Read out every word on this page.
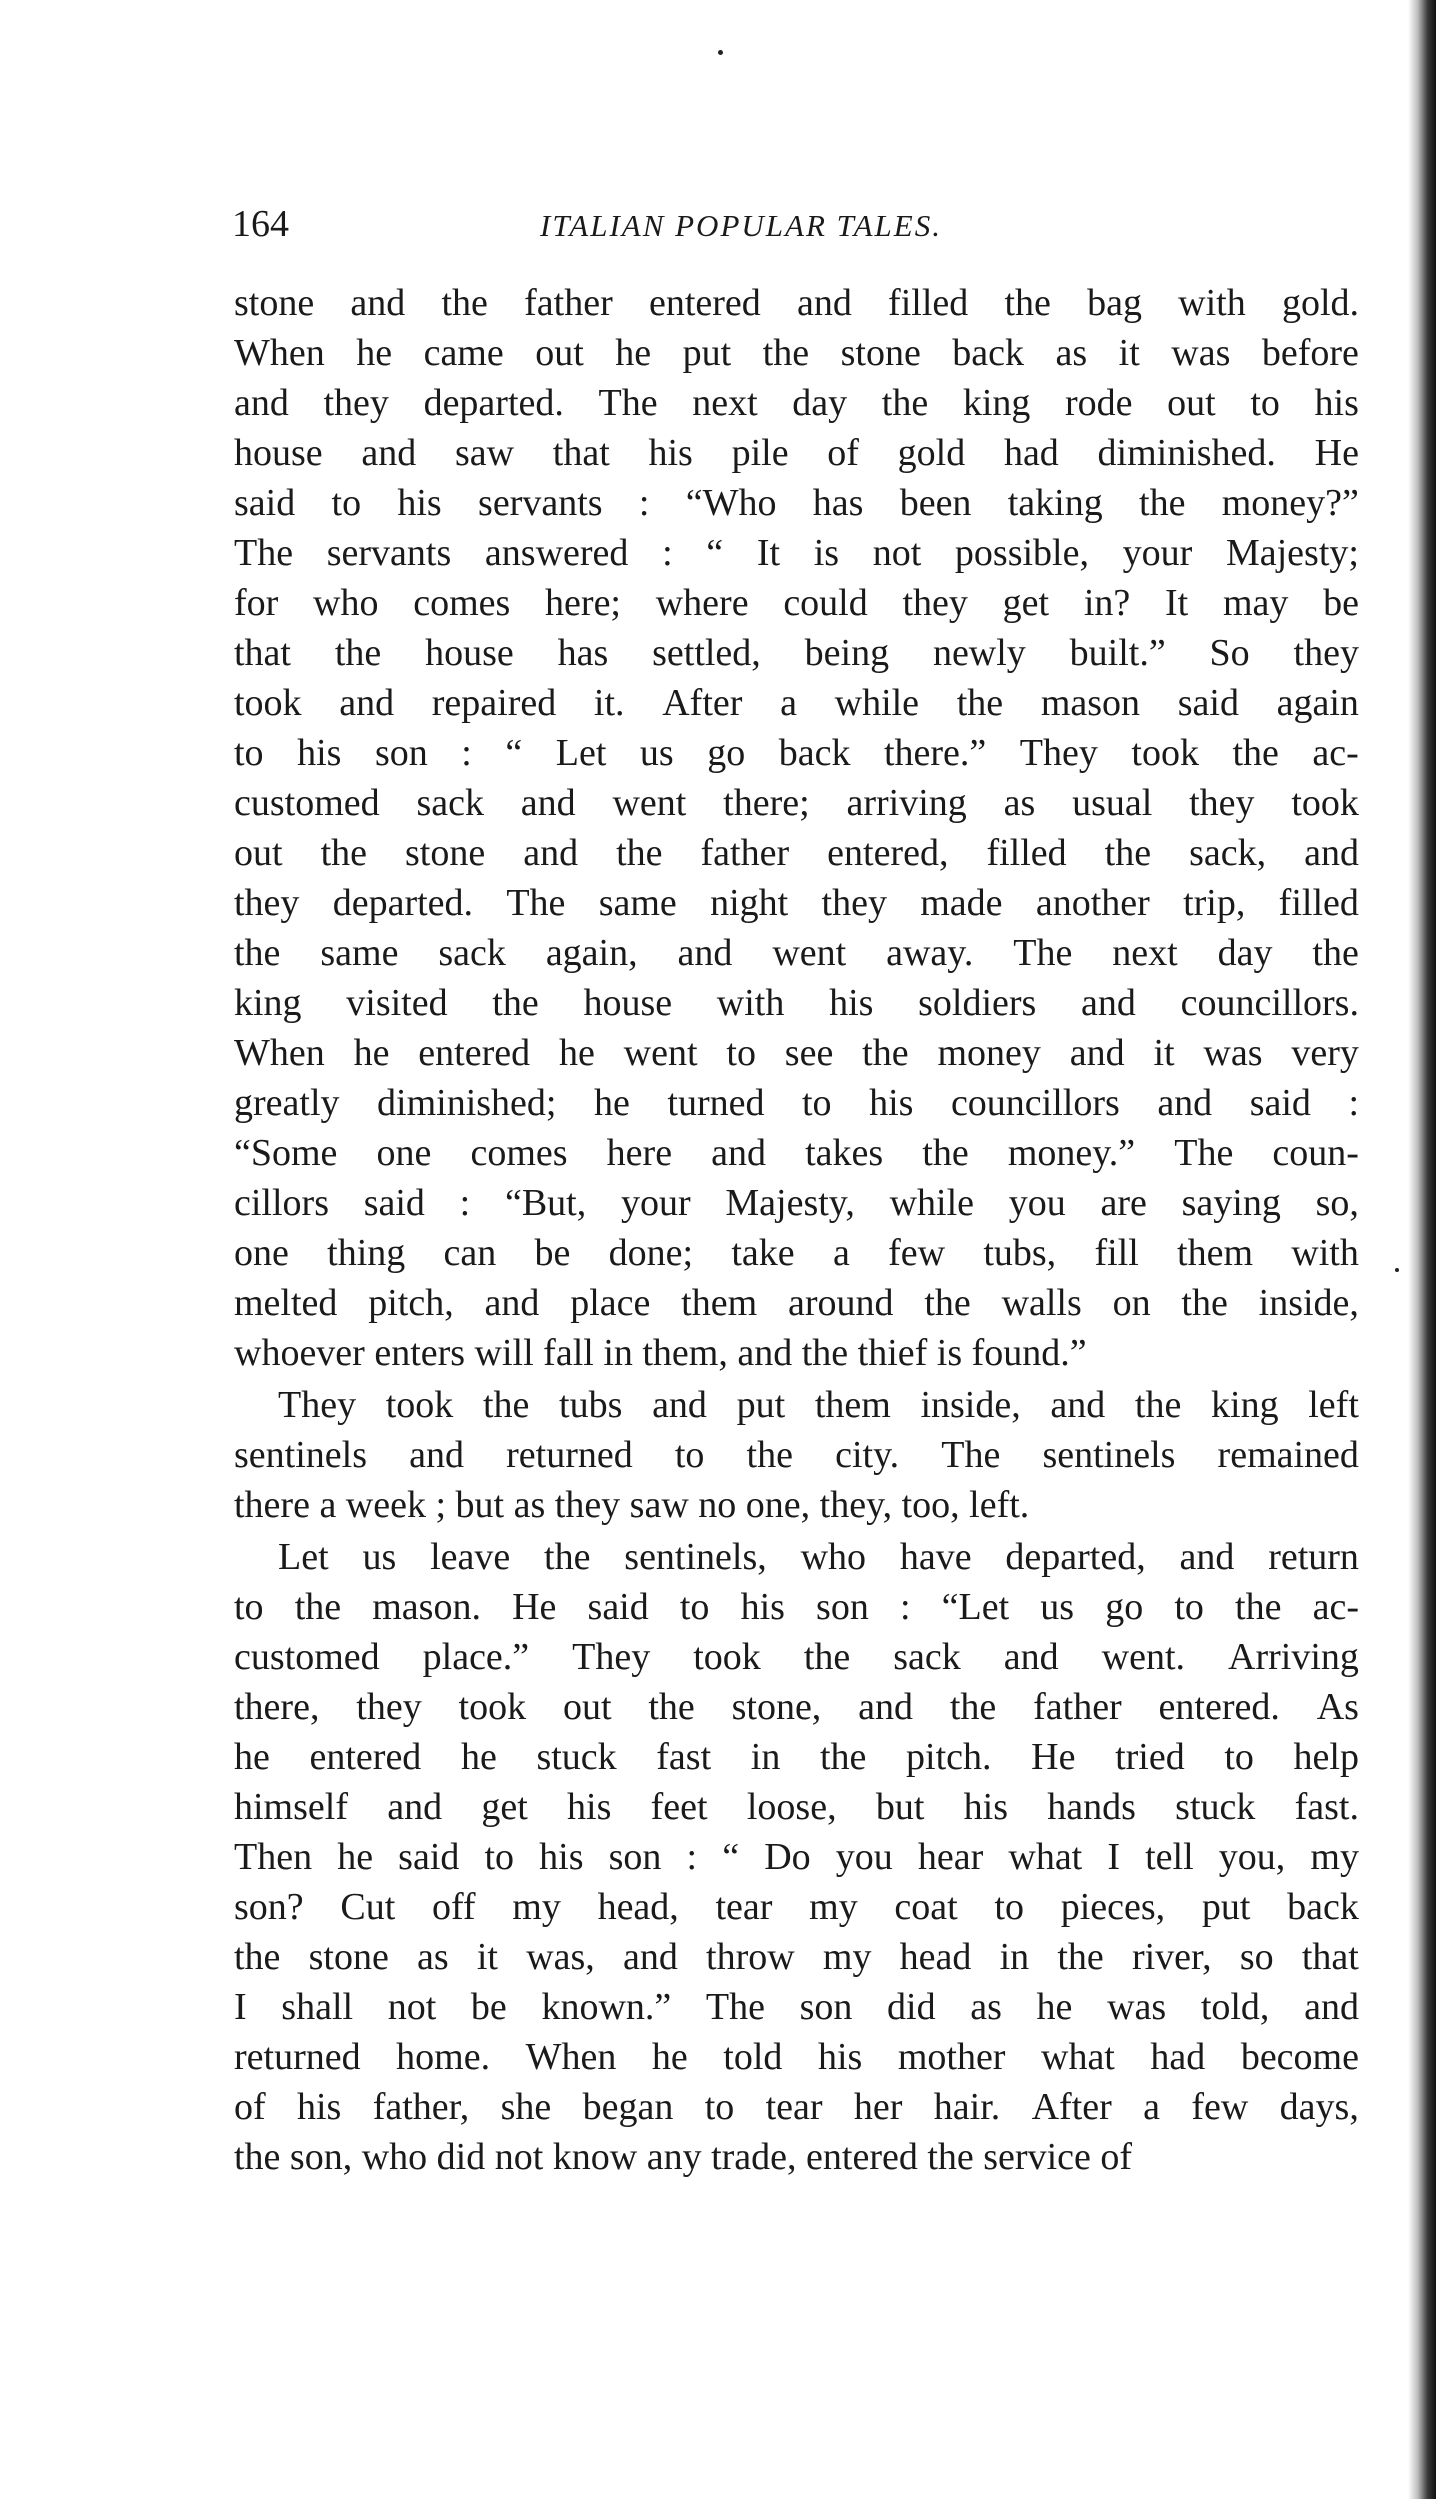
164	ITALIAN POPULAR TALES.
stone and the father entered and filled the bag with gold.
When he came out he put the stone back as it was before
and they departed. The next day the king rode out to his
house and saw that his pile of gold had diminished. He
said to his servants : “Who has been taking the money?”
The servants answered : “ It is not possible, your Majesty;
for who comes here; where could they get in? It may be
that the house has settled, being newly built.” So they
took and repaired it. After a while the mason said again
to his son : “ Let us go back there.” They took the ac-
customed sack and went there; arriving as usual they took
out the stone and the father entered, filled the sack, and
they departed. The same night they made another trip, filled
the same sack again, and went away. The next day the
king visited the house with his soldiers and councillors.
When he entered he went to see the money and it was very
greatly diminished; he turned to his councillors and said :
“Some one comes here and takes the money.” The coun-
cillors said : “But, your Majesty, while you are saying so,
one thing can be done; take a few tubs, fill them with
melted pitch, and place them around the walls on the inside,
whoever enters will fall in them, and the thief is found.”
They took the tubs and put them inside, and the king left
sentinels and returned to the city. The sentinels remained
there a week ; but as they saw no one, they, too, left.
Let us leave the sentinels, who have departed, and return
to the mason. He said to his son : “Let us go to the ac-
customed place.” They took the sack and went. Arriving
there, they took out the stone, and the father entered. As
he entered he stuck fast in the pitch. He tried to help
himself and get his feet loose, but his hands stuck fast.
Then he said to his son : “ Do you hear what I tell you, my
son? Cut off my head, tear my coat to pieces, put back
the stone as it was, and throw my head in the river, so that
I shall not be known.” The son did as he was told, and
returned home. When he told his mother what had become
of his father, she began to tear her hair. After a few days,
the son, who did not know any trade, entered the service of
